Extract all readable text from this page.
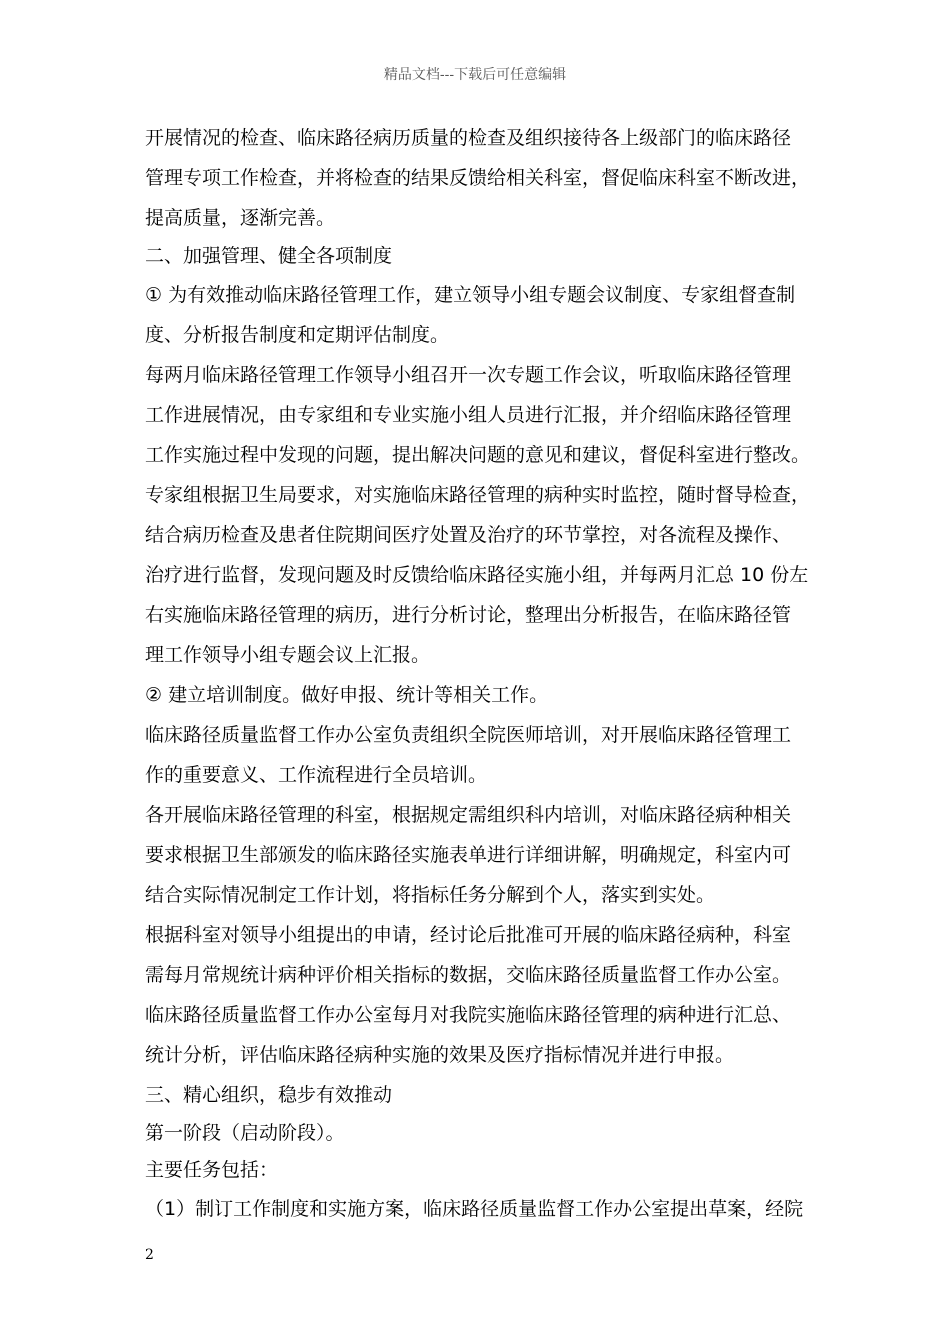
精品文档---下载后可任意编辑
开展情况的检查、临床路径病历质量的检查及组织接待各上级部门的临床路径
管理专项工作检查，并将检查的结果反馈给相关科室，督促临床科室不断改进，
提高质量，逐渐完善。
二、加强管理、健全各项制度
① 为有效推动临床路径管理工作，建立领导小组专题会议制度、专家组督查制
度、分析报告制度和定期评估制度。
每两月临床路径管理工作领导小组召开一次专题工作会议，听取临床路径管理
工作进展情况，由专家组和专业实施小组人员进行汇报，并介绍临床路径管理
工作实施过程中发现的问题，提出解决问题的意见和建议，督促科室进行整改。
专家组根据卫生局要求，对实施临床路径管理的病种实时监控，随时督导检查，
结合病历检查及患者住院期间医疗处置及治疗的环节掌控，对各流程及操作、
治疗进行监督，发现问题及时反馈给临床路径实施小组，并每两月汇总 10 份左
右实施临床路径管理的病历，进行分析讨论，整理出分析报告，在临床路径管
理工作领导小组专题会议上汇报。
② 建立培训制度。做好申报、统计等相关工作。
临床路径质量监督工作办公室负责组织全院医师培训，对开展临床路径管理工
作的重要意义、工作流程进行全员培训。
各开展临床路径管理的科室，根据规定需组织科内培训，对临床路径病种相关
要求根据卫生部颁发的临床路径实施表单进行详细讲解，明确规定，科室内可
结合实际情况制定工作计划，将指标任务分解到个人，落实到实处。
根据科室对领导小组提出的申请，经讨论后批准可开展的临床路径病种，科室
需每月常规统计病种评价相关指标的数据，交临床路径质量监督工作办公室。
临床路径质量监督工作办公室每月对我院实施临床路径管理的病种进行汇总、
统计分析，评估临床路径病种实施的效果及医疗指标情况并进行申报。
三、精心组织，稳步有效推动
第一阶段（启动阶段）。
主要任务包括：
（1）制订工作制度和实施方案，临床路径质量监督工作办公室提出草案，经院
2
